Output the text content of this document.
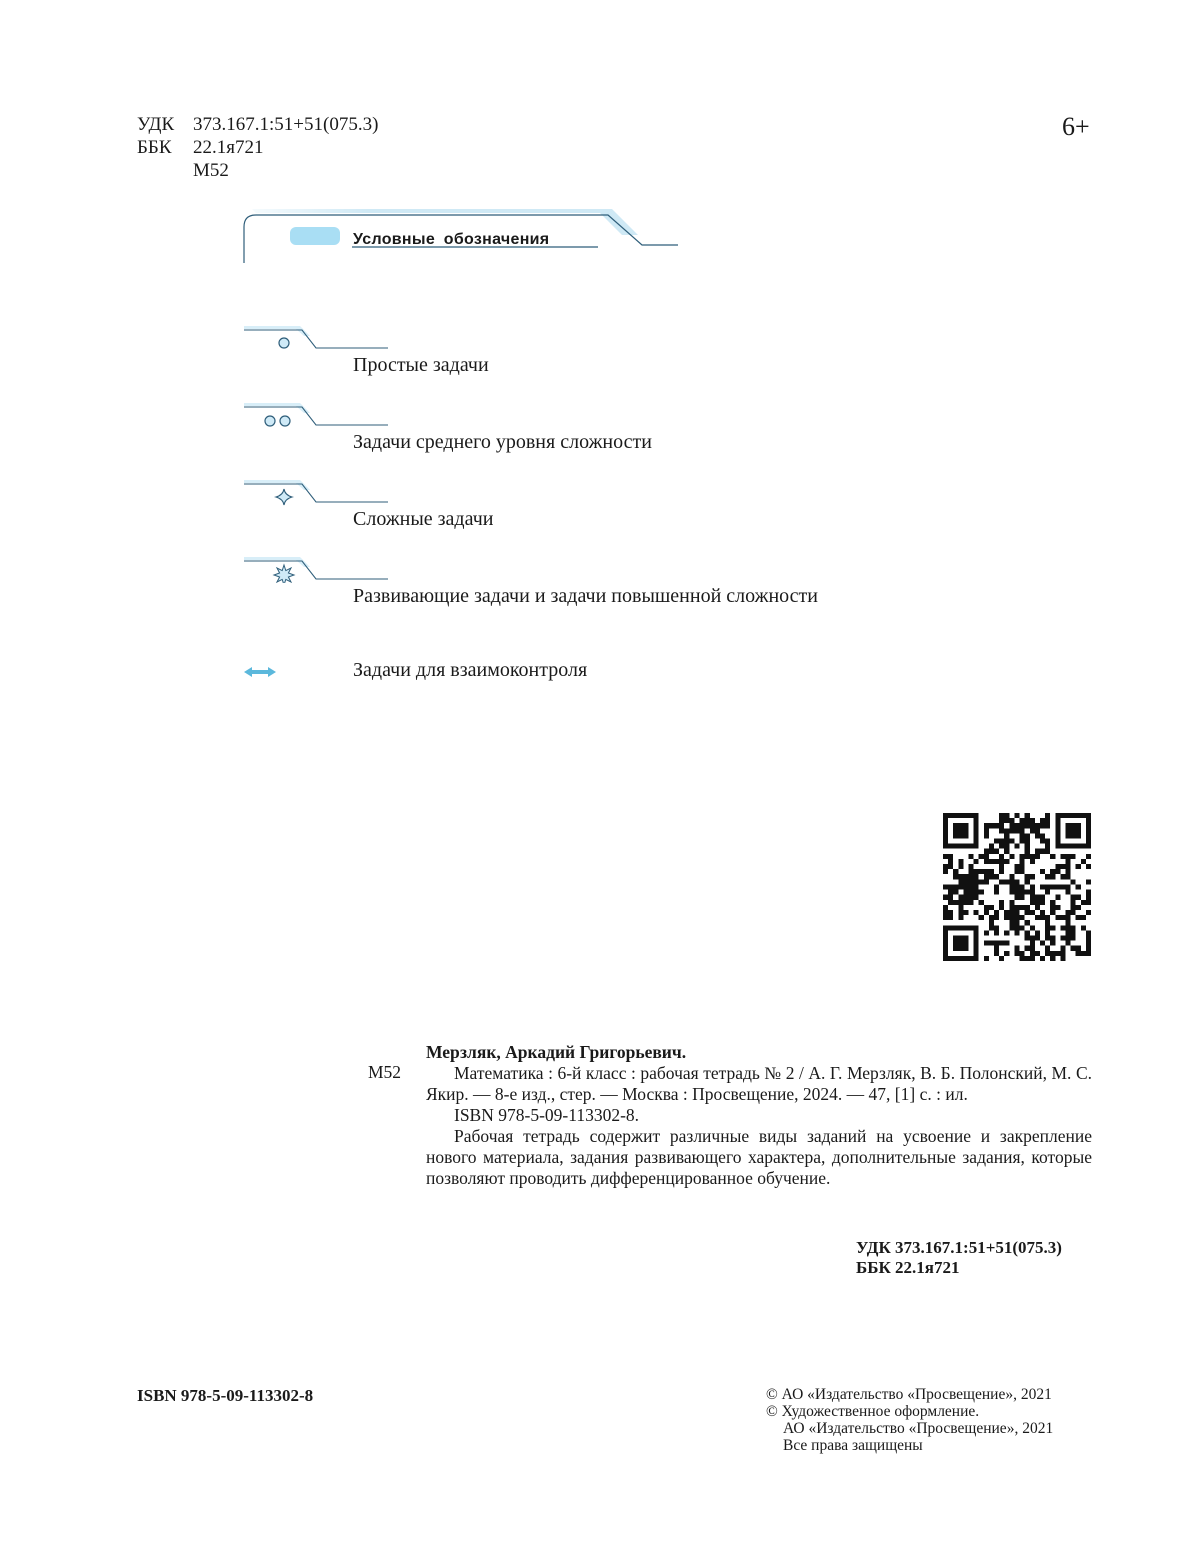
УДК 373.167.1:51+51(075.3)
ББК	22.1я721
М52
6+
Условные обозначения
Простые задачи
Задачи среднего уровня сложности
Сложные задачи
Развивающие задачи и задачи повышенной сложности
Задачи для взаимоконтроля
М52

Мерзляк, Аркадий Григорьевич.

Математика : 6-й класс : рабочая тетрадь № 2 / А. Г. Мерзляк, В. Б. Полонский, М. С. Якир. — 8-е изд., стер. — Москва : Просвещение, 2024. — 47, [1] с. : ил.

ISBN 978-5-09-113302-8.

Рабочая тетрадь содержит различные виды заданий на усвоение и закрепление нового материала, задания развивающего характера, дополнительные задания, которые позволяют проводить дифференцированное обучение.

УДК 373.167.1:51+51(075.3)
ББК 22.1я721
ISBN 978-5-09-113302-8	© АО «Издательство «Просвещение», 2021
© Художественное оформление.
АО «Издательство «Просвещение», 2021
Все права защищены
